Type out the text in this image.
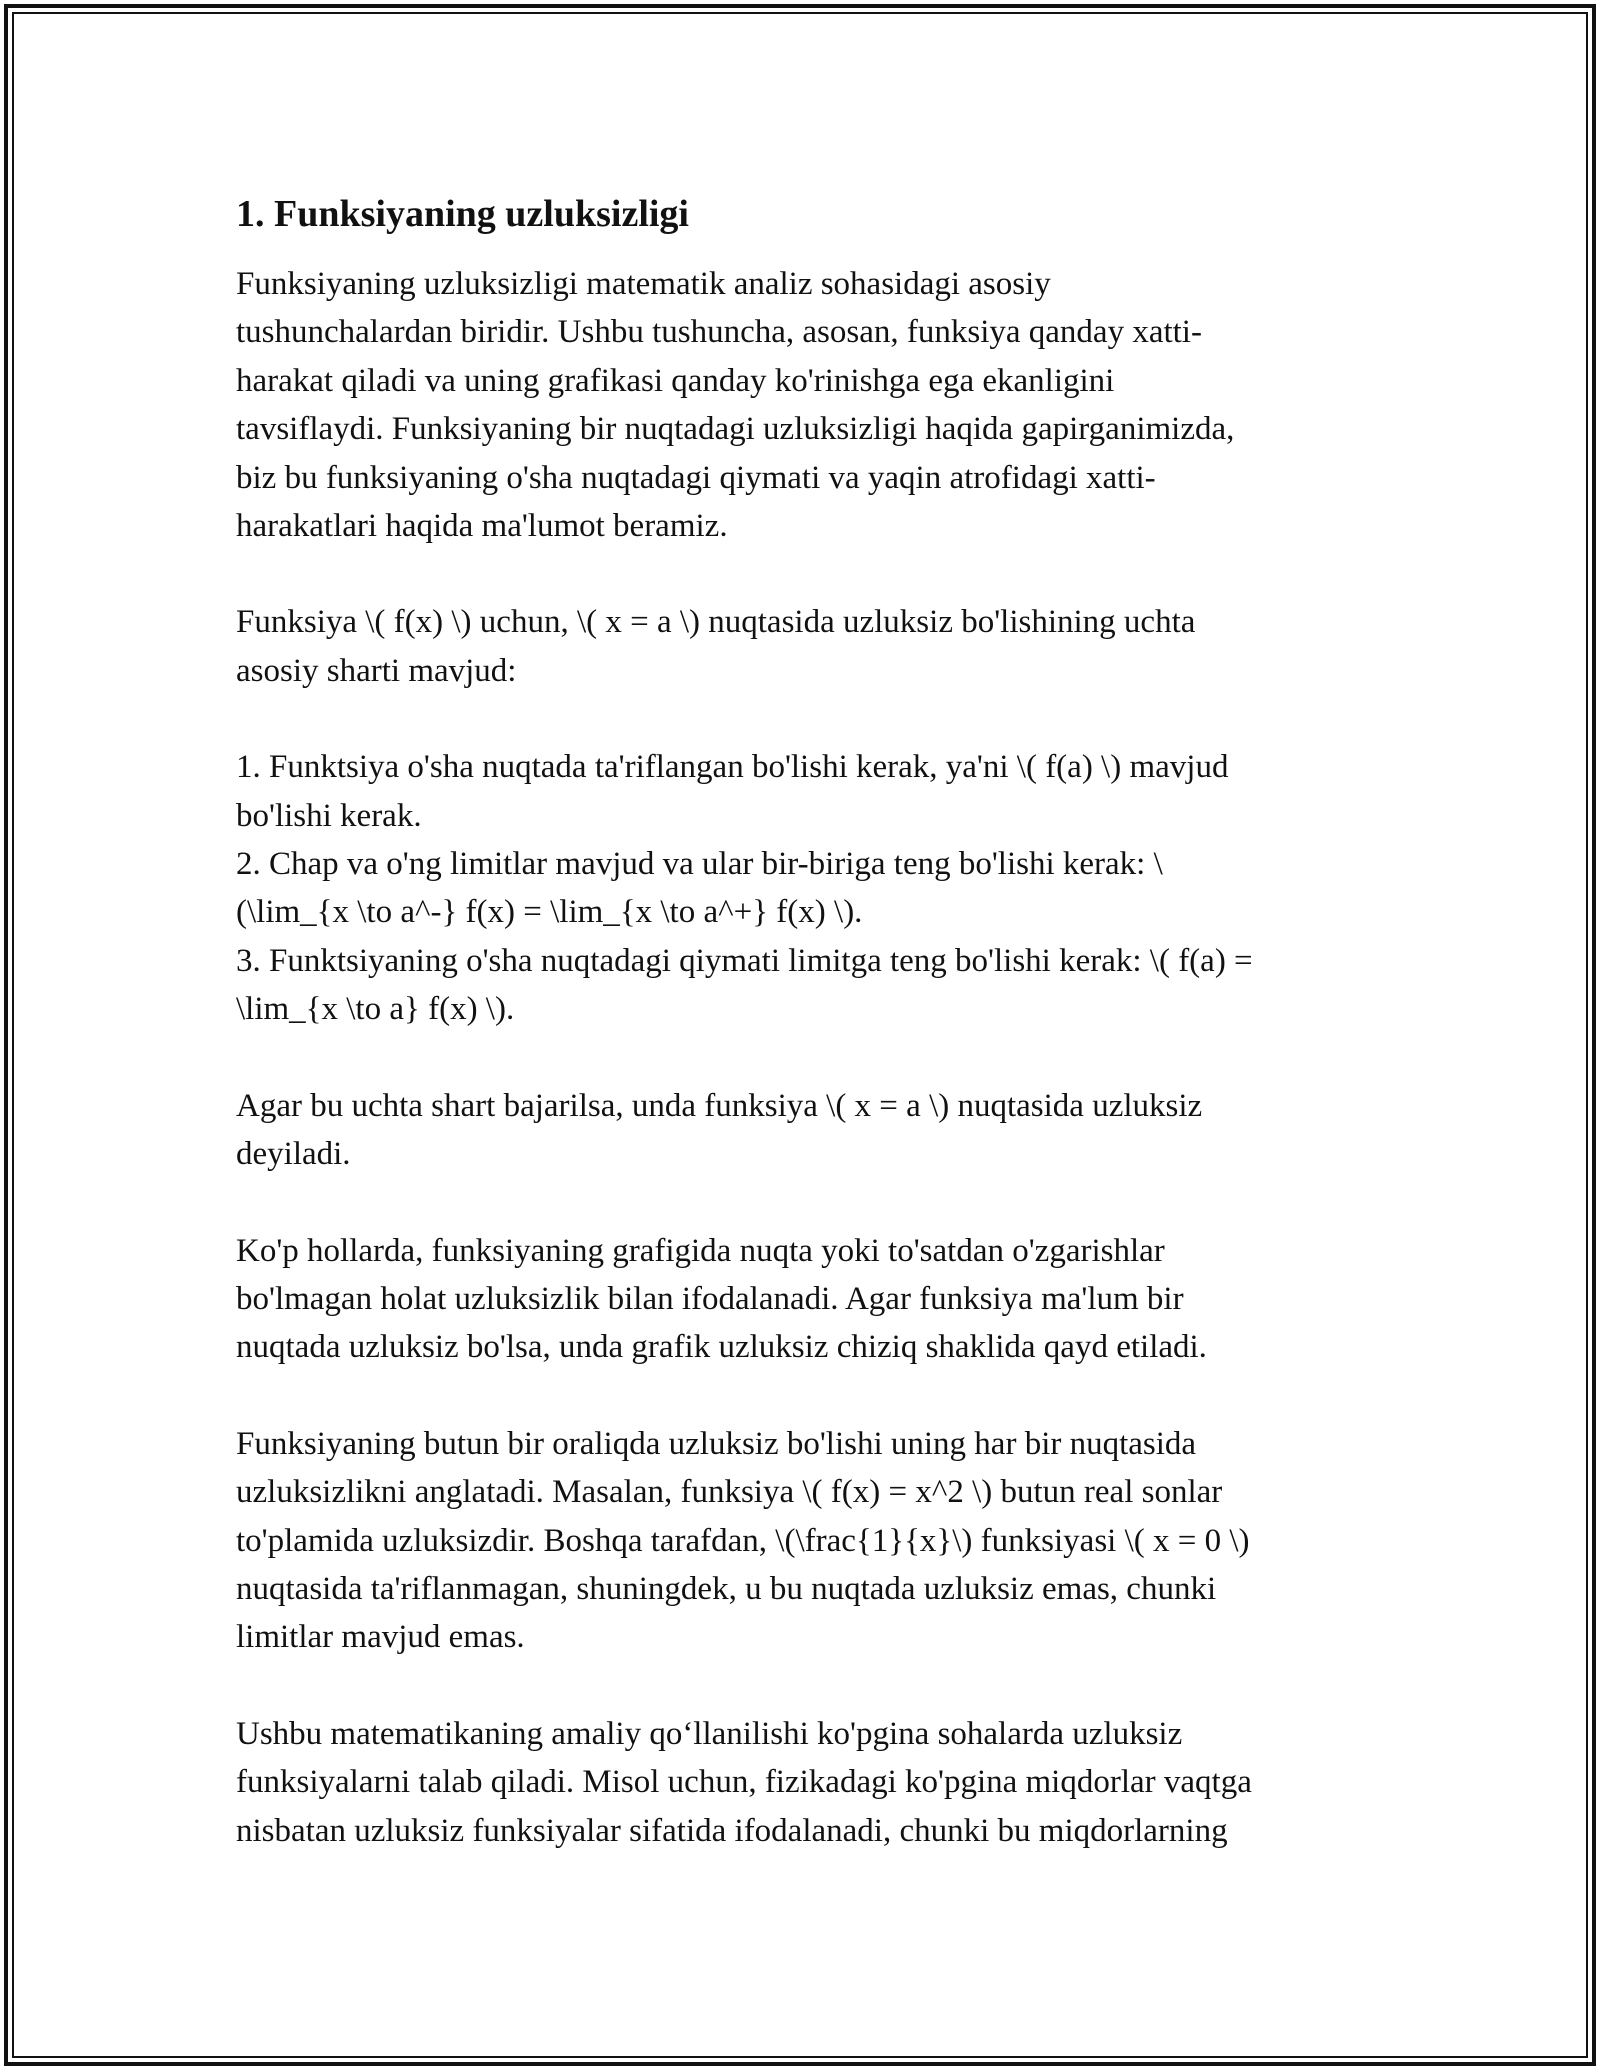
1. Funksiyaning uzluksizligi

Funksiyaning uzluksizligi matematik analiz sohasidagi asosiy
tushunchalardan biridir. Ushbu tushuncha, asosan, funksiya qanday xatti-
harakat qiladi va uning grafikasi qanday ko'rinishga ega ekanligini
tavsiflaydi. Funksiyaning bir nuqtadagi uzluksizligi haqida gapirganimizda,
biz bu funksiyaning o'sha nuqtadagi qiymati va yaqin atrofidagi xatti-
harakatlari haqida ma'lumot beramiz.

Funksiya \( f(x) \) uchun, \( x = a \) nuqtasida uzluksiz bo'lishining uchta
asosiy sharti mavjud:

1. Funktsiya o'sha nuqtada ta'riflangan bo'lishi kerak, ya'ni \( f(a) \) mavjud
bo'lishi kerak.
2. Chap va o'ng limitlar mavjud va ular bir-biriga teng bo'lishi kerak: \
(\lim_{x \to a^-} f(x) = \lim_{x \to a^+} f(x) \).
3. Funktsiyaning o'sha nuqtadagi qiymati limitga teng bo'lishi kerak: \( f(a) =
\lim_{x \to a} f(x) \).

Agar bu uchta shart bajarilsa, unda funksiya \( x = a \) nuqtasida uzluksiz
deyiladi.

Ko'p hollarda, funksiyaning grafigida nuqta yoki to'satdan o'zgarishlar
bo'lmagan holat uzluksizlik bilan ifodalanadi. Agar funksiya ma'lum bir
nuqtada uzluksiz bo'lsa, unda grafik uzluksiz chiziq shaklida qayd etiladi.

Funksiyaning butun bir oraliqda uzluksiz bo'lishi uning har bir nuqtasida
uzluksizlikni anglatadi. Masalan, funksiya \( f(x) = x^2 \) butun real sonlar
to'plamida uzluksizdir. Boshqa tarafdan, \(\frac{1}{x}\) funksiyasi \( x = 0 \)
nuqtasida ta'riflanmagan, shuningdek, u bu nuqtada uzluksiz emas, chunki
limitlar mavjud emas.

Ushbu matematikaning amaliy qo‘llanilishi ko'pgina sohalarda uzluksiz
funksiyalarni talab qiladi. Misol uchun, fizikadagi ko'pgina miqdorlar vaqtga
nisbatan uzluksiz funksiyalar sifatida ifodalanadi, chunki bu miqdorlarning
